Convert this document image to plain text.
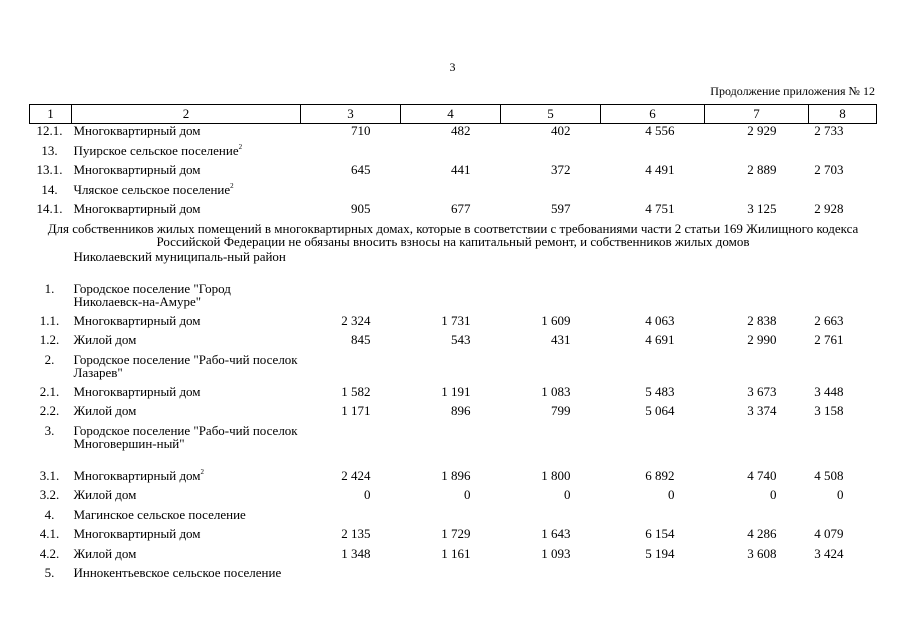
3
Продолжение приложения № 12
1	2	3	4	5	6	7	8
12.1.	Многоквартирный дом	710	482	402	4 556	2 929	2 733
13.	Пуирское сельское поселение$^2$
13.1.	Многоквартирный дом	645	441	372	4 491	2 889	2 703
14.	Чляское сельское поселение$^2$
14.1.	Многоквартирный дом	905	677	597	4 751	3 125	2 928
Для собственников жилых помещений в многоквартирных домах, которые в соответствии с требованиями части 2 статьи 169 Жилищного кодекса Российской Федерации не обязаны вносить взносы на капитальный ремонт, и собственников жилых домов							
	Николаевский муниципаль-ный район						
1.	Городское поселение "Город Николаевск-на-Амуре"						
1.1.	Многоквартирный дом	2 324	1 731	1 609	4 063	2 838	2 663
1.2.	Жилой дом	845	543	431	4 691	2 990	2 761
2.	Городское поселение "Рабо-чий поселок Лазарев"						
2.1.	Многоквартирный дом	1 582	1 191	1 083	5 483	3 673	3 448
2.2.	Жилой дом	1 171	896	799	5 064	3 374	3 158
3.	Городское поселение "Рабо-чий поселок Многовершин-ный"						
3.1.	Многоквартирный дом$^2$	2 424	1 896	1 800	6 892	4 740	4 508
3.2.	Жилой дом	0	0	0	0	0	0
4.	Магинское сельское поселение						
4.1.	Многоквартирный дом	2 135	1 729	1 643	6 154	4 286	4 079
4.2.	Жилой дом	1 348	1 161	1 093	5 194	3 608	3 424
5.	Иннокентьевское сельское поселение						
